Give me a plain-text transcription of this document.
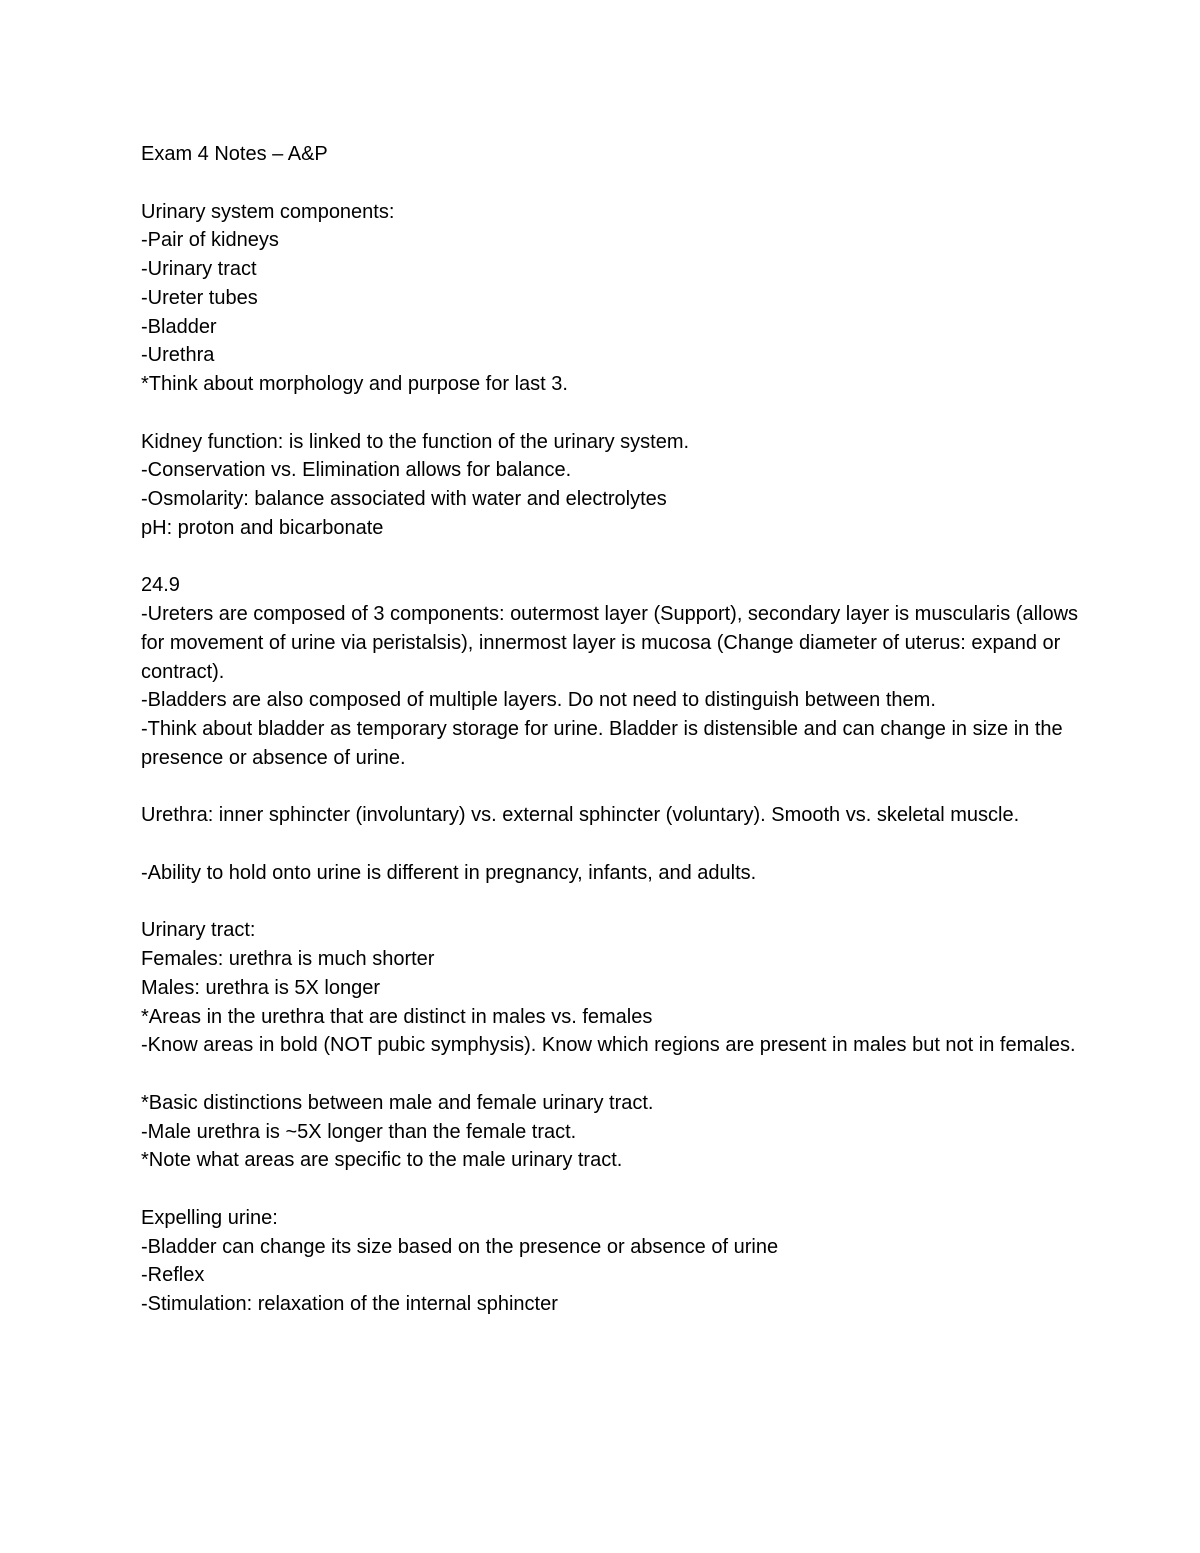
Exam 4 Notes – A&P
Urinary system components:
-Pair of kidneys
-Urinary tract
-Ureter tubes
-Bladder
-Urethra
*Think about morphology and purpose for last 3.
Kidney function: is linked to the function of the urinary system.
-Conservation vs. Elimination allows for balance.
-Osmolarity: balance associated with water and electrolytes
pH: proton and bicarbonate
24.9
-Ureters are composed of 3 components: outermost layer (Support), secondary layer is muscularis (allows for movement of urine via peristalsis), innermost layer is mucosa (Change diameter of uterus: expand or contract).
-Bladders are also composed of multiple layers. Do not need to distinguish between them.
-Think about bladder as temporary storage for urine. Bladder is distensible and can change in size in the presence or absence of urine.
Urethra: inner sphincter (involuntary) vs. external sphincter (voluntary). Smooth vs. skeletal muscle.
-Ability to hold onto urine is different in pregnancy, infants, and adults.
Urinary tract:
Females: urethra is much shorter
Males: urethra is 5X longer
*Areas in the urethra that are distinct in males vs. females
-Know areas in bold (NOT pubic symphysis). Know which regions are present in males but not in females.
*Basic distinctions between male and female urinary tract.
-Male urethra is ~5X longer than the female tract.
*Note what areas are specific to the male urinary tract.
Expelling urine:
-Bladder can change its size based on the presence or absence of urine
-Reflex
-Stimulation: relaxation of the internal sphincter
